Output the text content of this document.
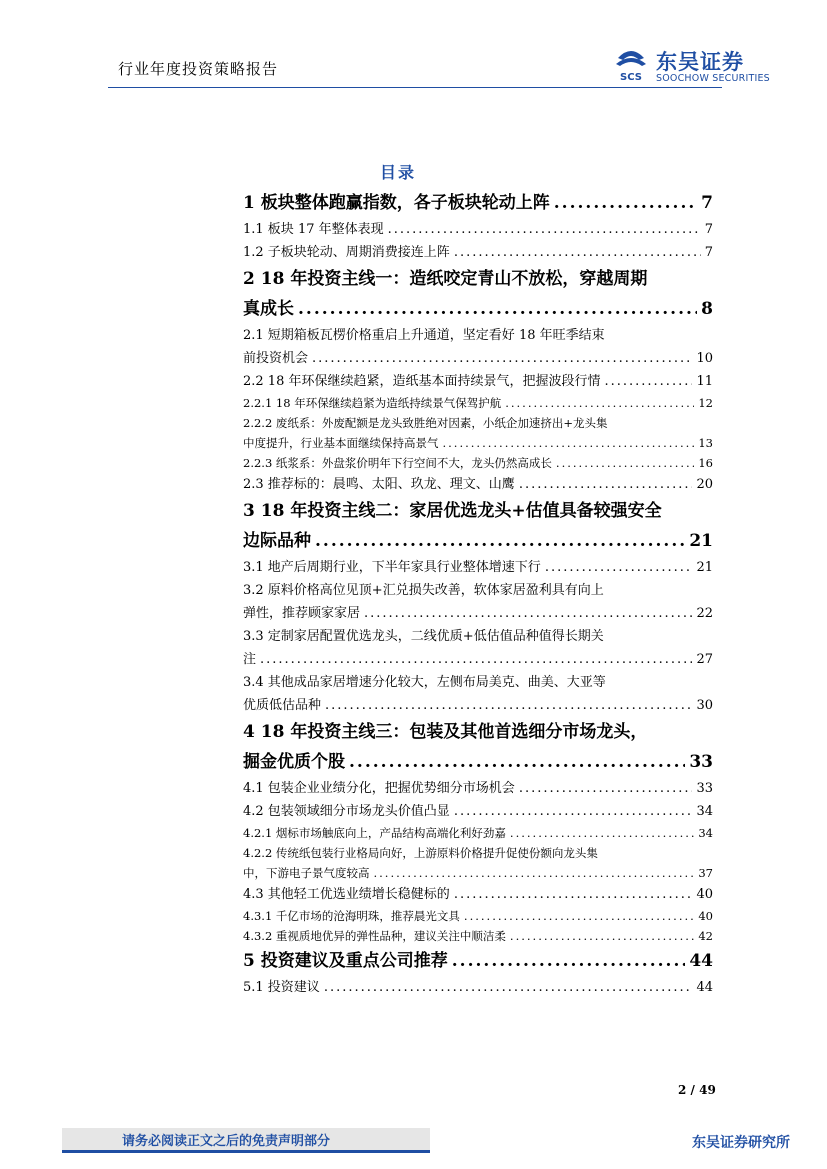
行业年度投资策略报告	SCS
东吴证券
SOOCHOW SECURITIES
目录
1 板块整体跑赢指数，各子板块轮动上阵 .....	7
1.1 板块 17 年整体表现 .....	7
1.2 子板块轮动、周期消费接连上阵 .....	7
2 18 年投资主线一：造纸咬定青山不放松，穿越周期
真成长 .....	8
2.1 短期箱板瓦楞价格重启上升通道，坚定看好 18 年旺季结束
前投资机会 .....	10
2.2 18 年环保继续趋紧，造纸基本面持续景气，把握波段行情 .....	11
2.2.1 18 年环保继续趋紧为造纸持续景气保驾护航 .....	12
2.2.2 废纸系：外废配额是龙头致胜绝对因素，小纸企加速挤出+龙头集
中度提升，行业基本面继续保持高景气 .....	13
2.2.3 纸浆系：外盘浆价明年下行空间不大，龙头仍然高成长 .....	16
2.3 推荐标的：晨鸣、太阳、玖龙、理文、山鹰 .....	20
3 18 年投资主线二：家居优选龙头+估值具备较强安全
边际品种 .....	21
3.1 地产后周期行业，下半年家具行业整体增速下行 .....	21
3.2 原料价格高位见顶+汇兑损失改善，软体家居盈利具有向上
弹性，推荐顾家家居 .....	22
3.3 定制家居配置优选龙头，二线优质+低估值品种值得长期关
注 .....	27
3.4 其他成品家居增速分化较大，左侧布局美克、曲美、大亚等
优质低估品种 .....	30
4 18 年投资主线三：包装及其他首选细分市场龙头，
掘金优质个股 .....	33
4.1 包装企业业绩分化，把握优势细分市场机会 .....	33
4.2 包装领域细分市场龙头价值凸显 .....	34
4.2.1 烟标市场触底向上，产品结构高端化利好劲嘉 .....	34
4.2.2 传统纸包装行业格局向好，上游原料价格提升促使份额向龙头集
中，下游电子景气度较高 .....	37
4.3 其他轻工优选业绩增长稳健标的 .....	40
4.3.1 千亿市场的沧海明珠，推荐晨光文具 .....	40
4.3.2 重视质地优异的弹性品种，建议关注中顺洁柔 .....	42
5 投资建议及重点公司推荐 .....	44
5.1 投资建议 .....	44
2 / 49
请务必阅读正文之后的免责声明部分	东吴证券研究所
